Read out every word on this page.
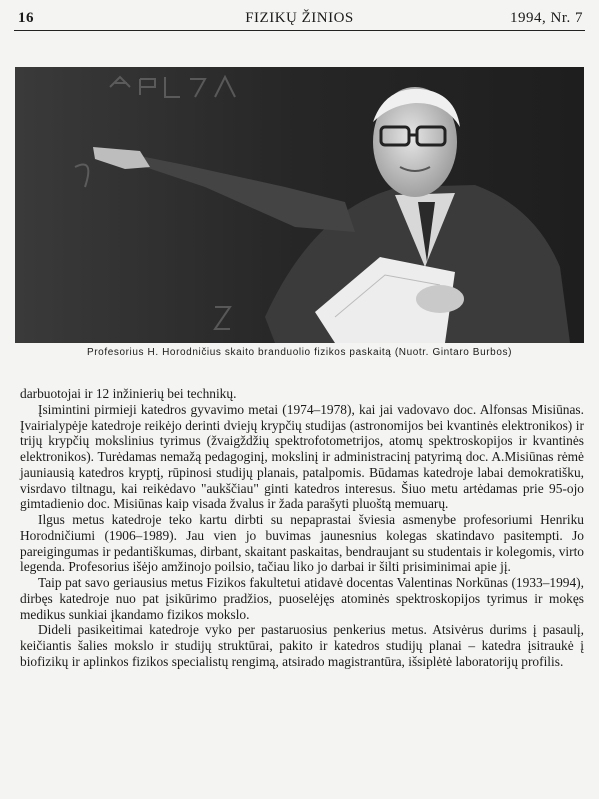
16	FIZIKŲ ŽINIOS	1994, Nr. 7
Profesorius H. Horodničius skaito branduolio fizikos paskaitą (Nuotr. Gintaro Burbos)

darbuotojai ir 12 inžinierių bei technikų.

Įsimintini pirmieji katedros gyvavimo metai (1974–1978), kai jai vadovavo doc. Alfonsas Misiūnas. Įvairialypėje katedroje reikėjo derinti dviejų krypčių studijas (astronomijos bei kvantinės elektronikos) ir trijų krypčių mokslinius tyrimus (žvaigždžių spektrofotometrijos, atomų spektroskopijos ir kvantinės elektronikos). Turėdamas nemažą pedagoginį, mokslinį ir administracinį patyrimą doc. A.Misiūnas rėmė jauniausią katedros kryptį, rūpinosi studijų planais, patalpomis. Būdamas katedroje labai demokratišku, visrdavo tiltnagu, kai reikėdavo "aukščiau" ginti katedros interesus. Šiuo metu artėdamas prie 95-ojo gimtadienio doc. Misiūnas kaip visada žvalus ir žada parašyti pluoštą memuarų.

Ilgus metus katedroje teko kartu dirbti su nepaprastai šviesia asmenybe profesoriumi Henriku Horodničiumi (1906–1989). Jau vien jo buvimas jaunesnius kolegas skatindavo pasitempti. Jo pareigingumas ir pedantiškumas, dirbant, skaitant paskaitas, bendraujant su studentais ir kolegomis, virto legenda. Profesorius išėjo amžinojo poilsio, tačiau liko jo darbai ir šilti prisiminimai apie jį.

Taip pat savo geriausius metus Fizikos fakultetui atidavė docentas Valentinas Norkūnas (1933–1994), dirbęs katedroje nuo pat įsikūrimo pradžios, puoselėjęs atominės spektroskopijos tyrimus ir mokęs medikus sunkiai įkandamo fizikos mokslo.

Dideli pasikeitimai katedroje vyko per pastaruosius penkerius metus. Atsivėrus durims į pasaulį, keičiantis šalies mokslo ir studijų struktūrai, pakito ir katedros studijų planai – katedra įsitraukė į biofizikų ir aplinkos fizikos specialistų rengimą, atsirado magistrantūra, išsiplėtė laboratorijų profilis.
